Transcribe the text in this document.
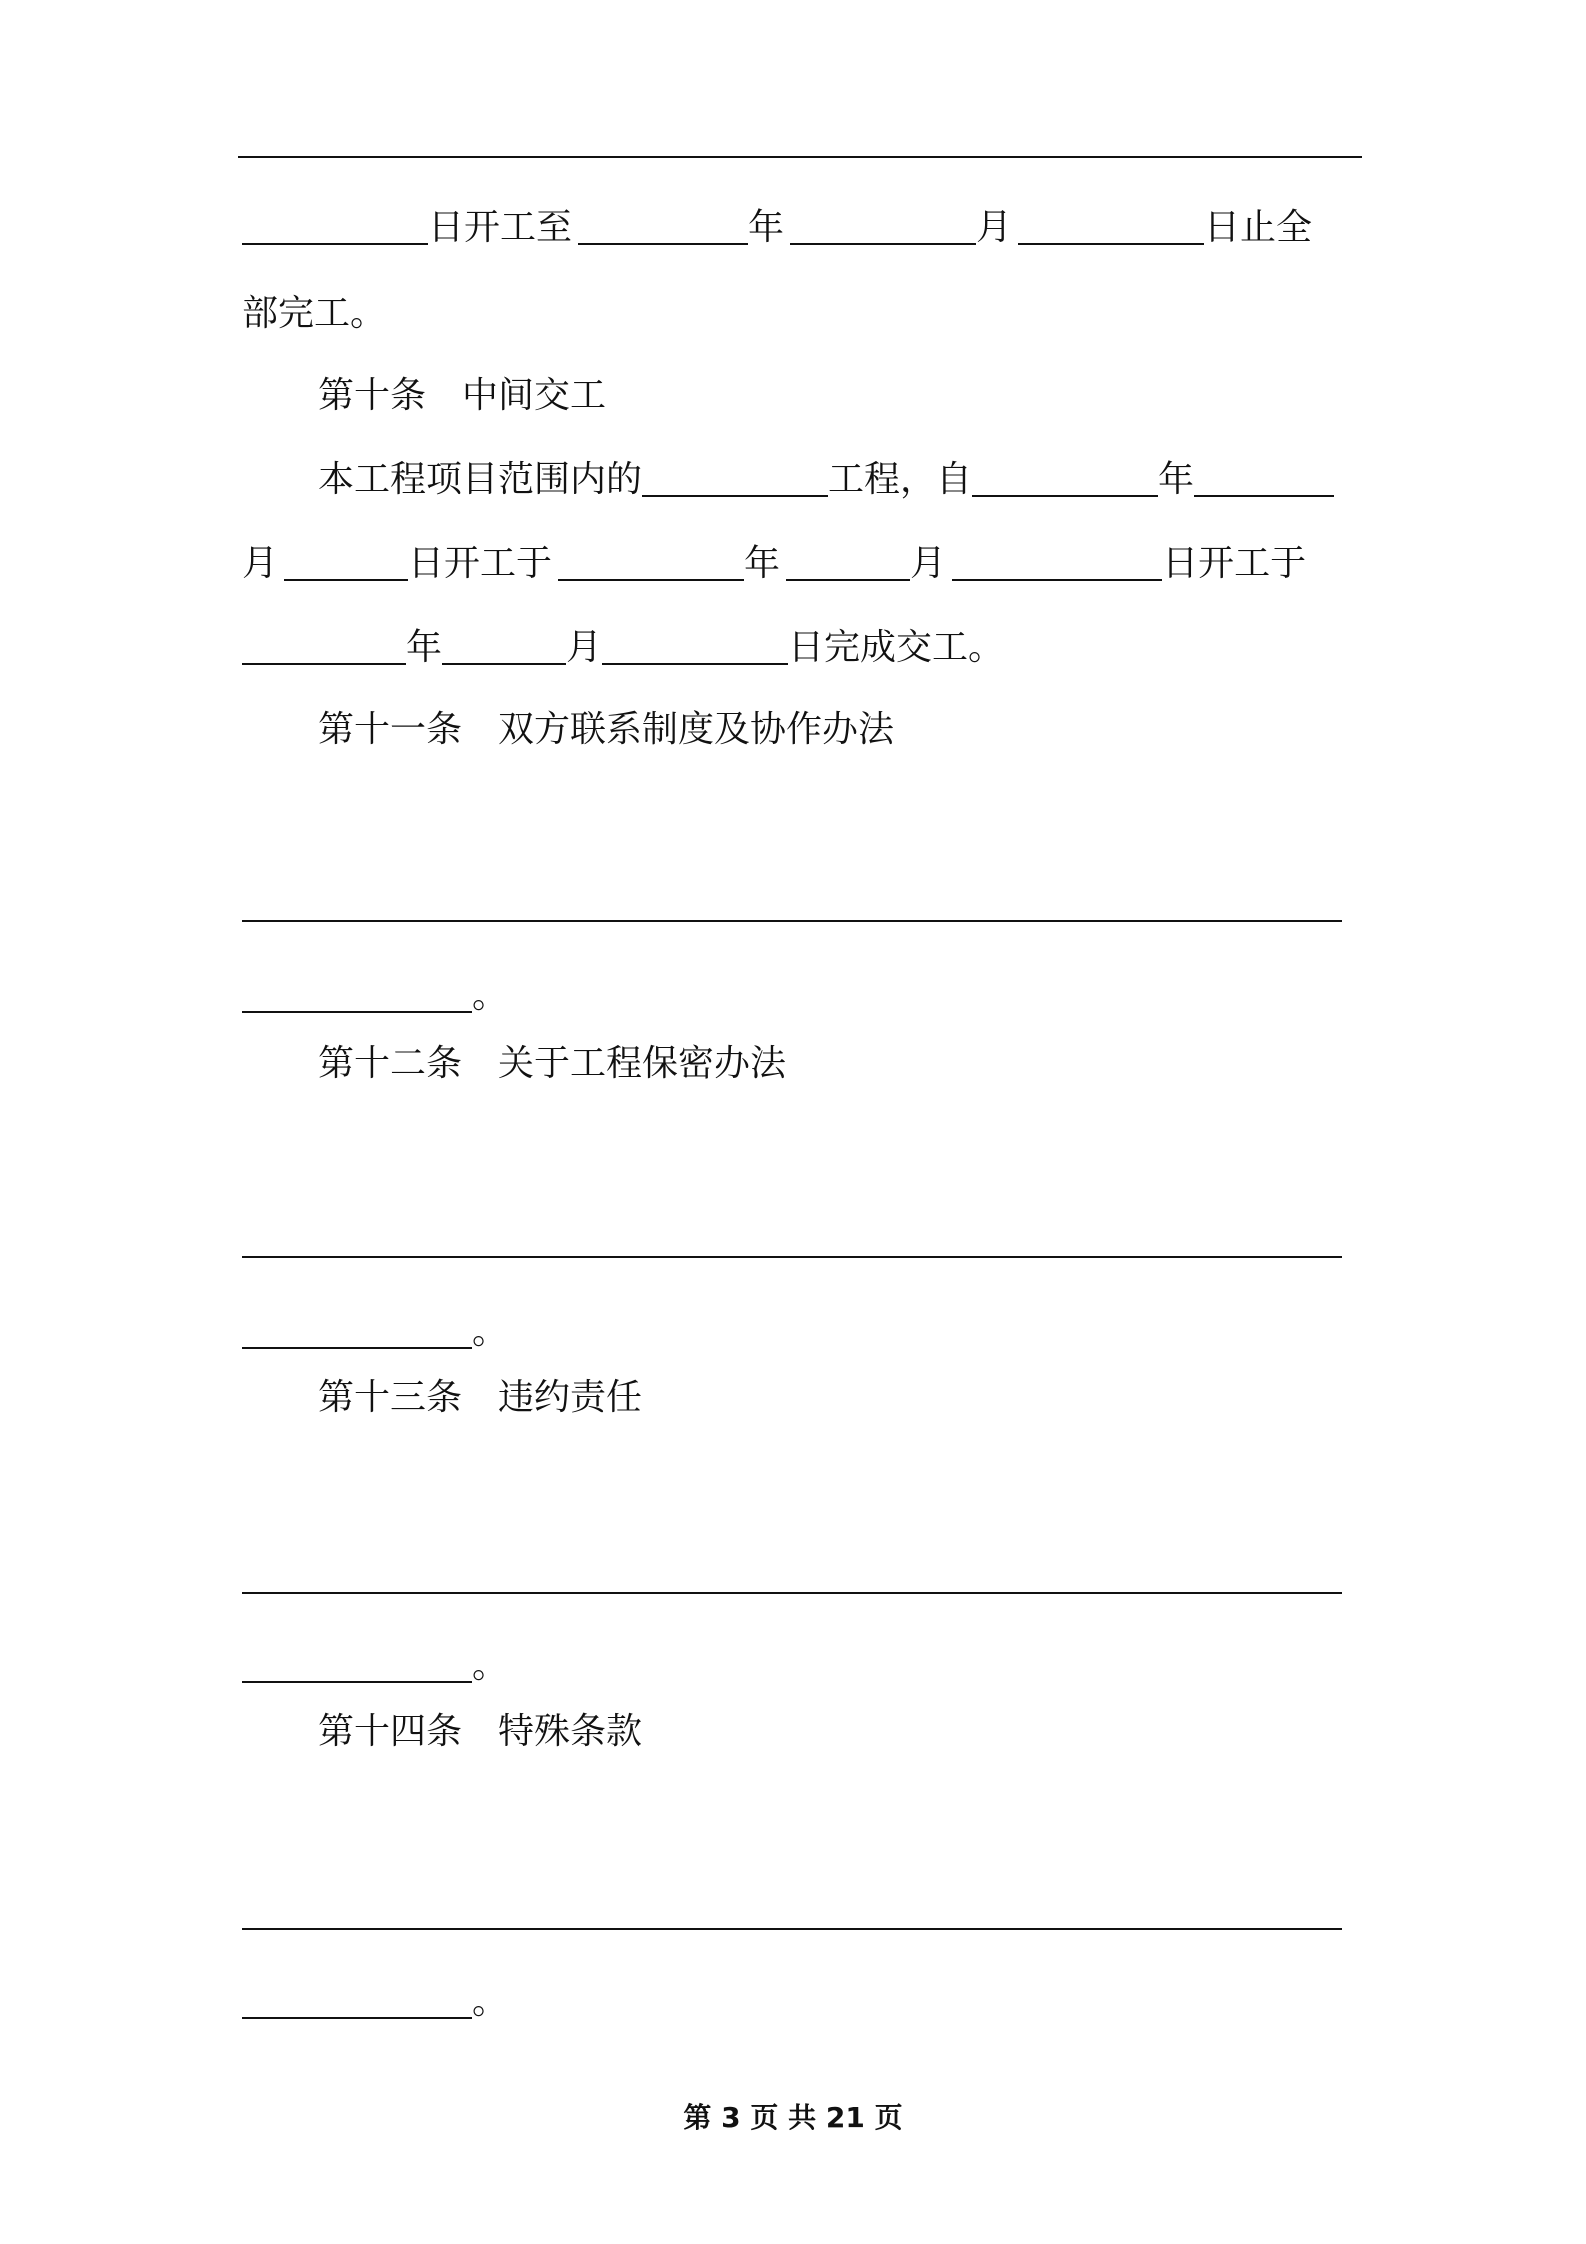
日开工至	年	月	日止全
部完工。
第十条 中间交工
本工程项目范围内的	工程，自	年
月	日开工于	年	月	日开工于
年	月	日完成交工。
第十一条 双方联系制度及协作办法
。
第十二条 关于工程保密办法
。
第十三条 违约责任
。
第十四条 特殊条款
。
第 3 页 共 21 页
